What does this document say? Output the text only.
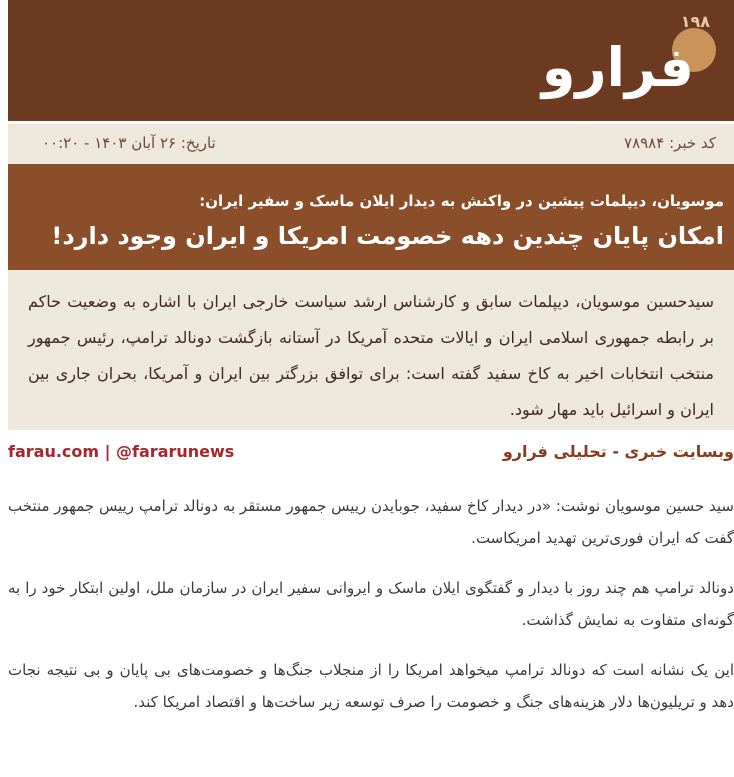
۱۹۸
فرارو
کد خبر: ۷۸۹۸۴
تاریخ: ۲۶ آبان ۱۴۰۳ - ۰۰:۲۰
موسویان، دیپلمات پیشین در واکنش به دیدار ایلان ماسک و سفیر ایران:
امکان پایان چندین دهه خصومت امریکا و ایران وجود دارد!

سیدحسین موسویان، دیپلمات سابق و کارشناس ارشد سیاست خارجی ایران با اشاره به وضعیت حاکم بر رابطه جمهوری اسلامی ایران و ایالات متحده آمریکا در آستانه بازگشت دونالد ترامپ، رئیس جمهور منتخب انتخابات اخیر به کاخ سفید گفته است: برای توافق بزرگتر بین ایران و آمریکا، بحران جاری بین ایران و اسرائیل باید مهار شود.

farau.com | @fararunews	وبسایت خبری - تحلیلی فرارو

سید حسین موسویان نوشت: «در دیدار کاخ سفید، جوبایدن رییس جمهور مستقر به دونالد ترامپ رییس جمهور منتخب گفت که ایران فوری‌ترین تهدید امریکاست.

دونالد ترامپ هم چند روز با دیدار و گفتگوی ایلان ماسک و ایروانی سفیر ایران در سازمان ملل، اولین ابتکار خود را به گونه‌ای متفاوت به نمایش گذاشت.

این یک نشانه است که دونالد ترامپ میخواهد امریکا را از منجلاب جنگ‌ها و خصومت‌های بی پایان و بی نتیجه نجات دهد و تریلیون‌ها دلار هزینه‌های جنگ و خصومت را صرف توسعه زیر ساخت‌ها و اقتصاد امریکا کند.
